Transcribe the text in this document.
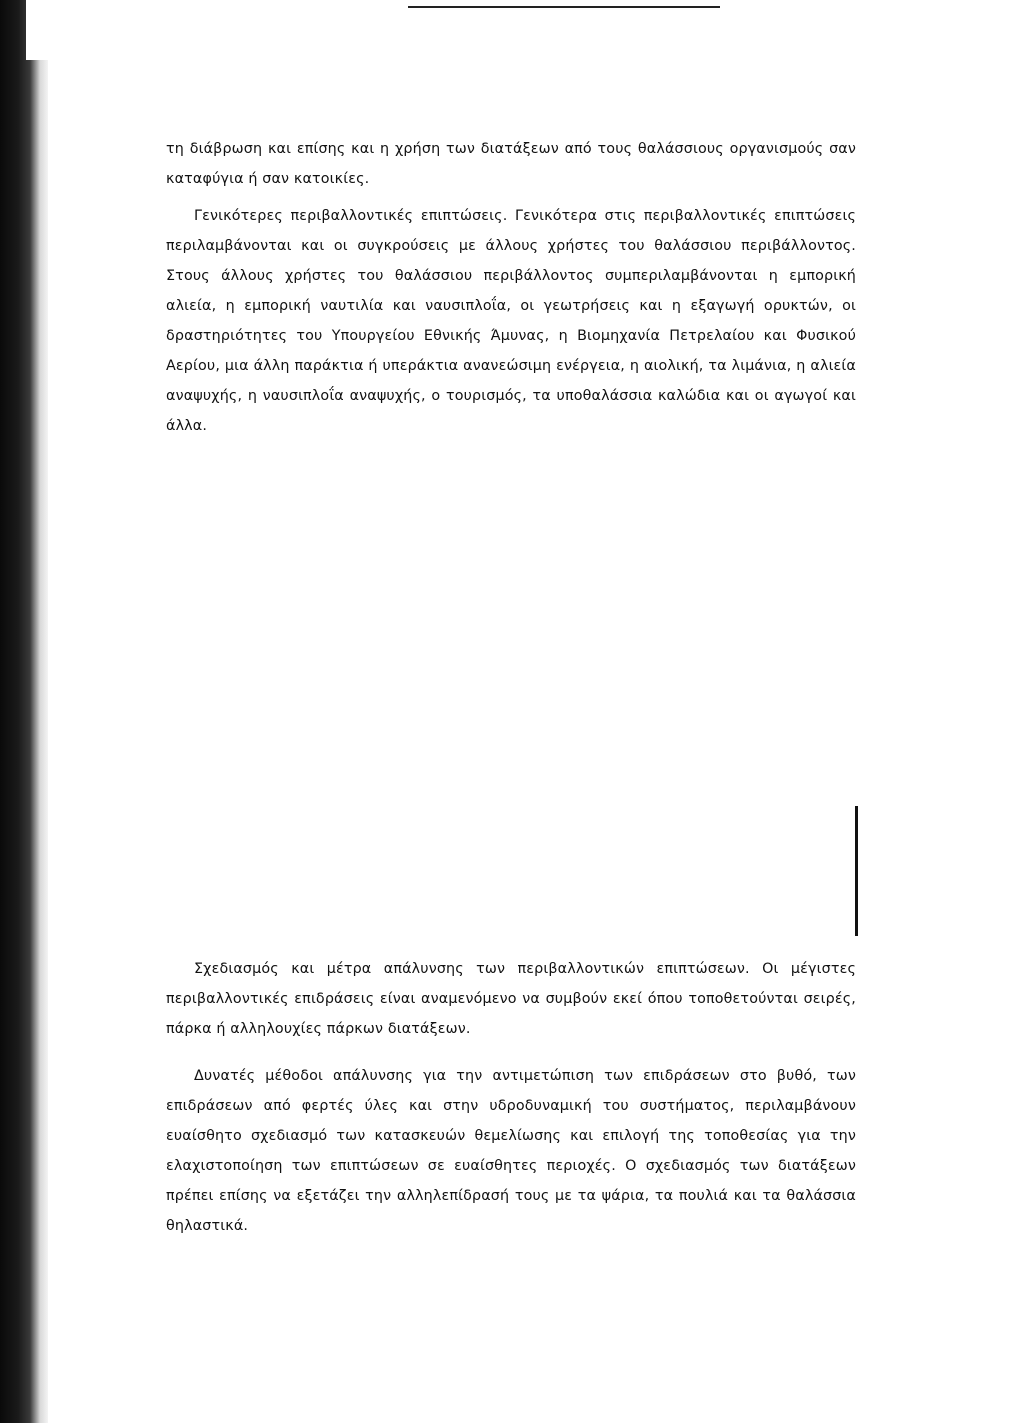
τη διάβρωση και επίσης και η χρήση των διατάξεων από τους θαλάσσιους οργανισμούς σαν καταφύγια ή σαν κατοικίες.

Γενικότερες περιβαλλοντικές επιπτώσεις. Γενικότερα στις περιβαλλοντικές επιπτώσεις περιλαμβάνονται και οι συγκρούσεις με άλλους χρήστες του θαλάσσιου περιβάλλοντος. Στους άλλους χρήστες του θαλάσσιου περιβάλλοντος συμπεριλαμβάνονται η εμπορική αλιεία, η εμπορική ναυτιλία και ναυσιπλοΐα, οι γεωτρήσεις και η εξαγωγή ορυκτών, οι δραστηριότητες του Υπουργείου Εθνικής Άμυνας, η Βιομηχανία Πετρελαίου και Φυσικού Αερίου, μια άλλη παράκτια ή υπεράκτια ανανεώσιμη ενέργεια, η αιολική, τα λιμάνια, η αλιεία αναψυχής, η ναυσιπλοΐα αναψυχής, ο τουρισμός, τα υποθαλάσσια καλώδια και οι αγωγοί και άλλα.

Σχεδιασμός και μέτρα απάλυνσης των περιβαλλοντικών επιπτώσεων. Οι μέγιστες περιβαλλοντικές επιδράσεις είναι αναμενόμενο να συμβούν εκεί όπου τοποθετούνται σειρές, πάρκα ή αλληλουχίες πάρκων διατάξεων.

Δυνατές μέθοδοι απάλυνσης για την αντιμετώπιση των επιδράσεων στο βυθό, των επιδράσεων από φερτές ύλες και στην υδροδυναμική του συστήματος, περιλαμβάνουν ευαίσθητο σχεδιασμό των κατασκευών θεμελίωσης και επιλογή της τοποθεσίας για την ελαχιστοποίηση των επιπτώσεων σε ευαίσθητες περιοχές. Ο σχεδιασμός των διατάξεων πρέπει επίσης να εξετάζει την αλληλεπίδρασή τους με τα ψάρια, τα πουλιά και τα θαλάσσια θηλαστικά.
